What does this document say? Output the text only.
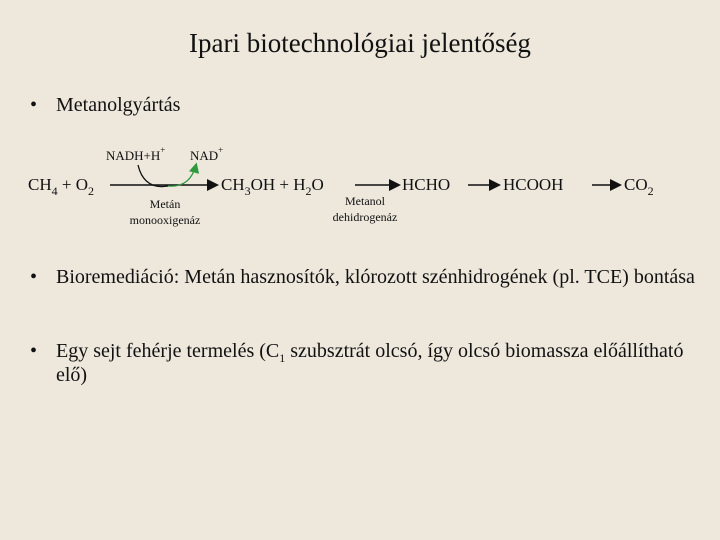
Ipari biotechnológiai jelentőség
• Metanolgyártás
NADH+H+ NAD+
$CH_4 + O_2$
Metán
monooxigenáz
$CH_3OH + H_2O$
Metanol
dehidrogenáz
HCHO	HCOOH	$CO_2$
• Bioremediáció: Metán hasznosítók, klórozott szénhidrogének (pl. TCE) bontása
• Egy sejt fehérje termelés ($C_1$ szubsztrát olcsó, így olcsó biomassza előállítható elő)
